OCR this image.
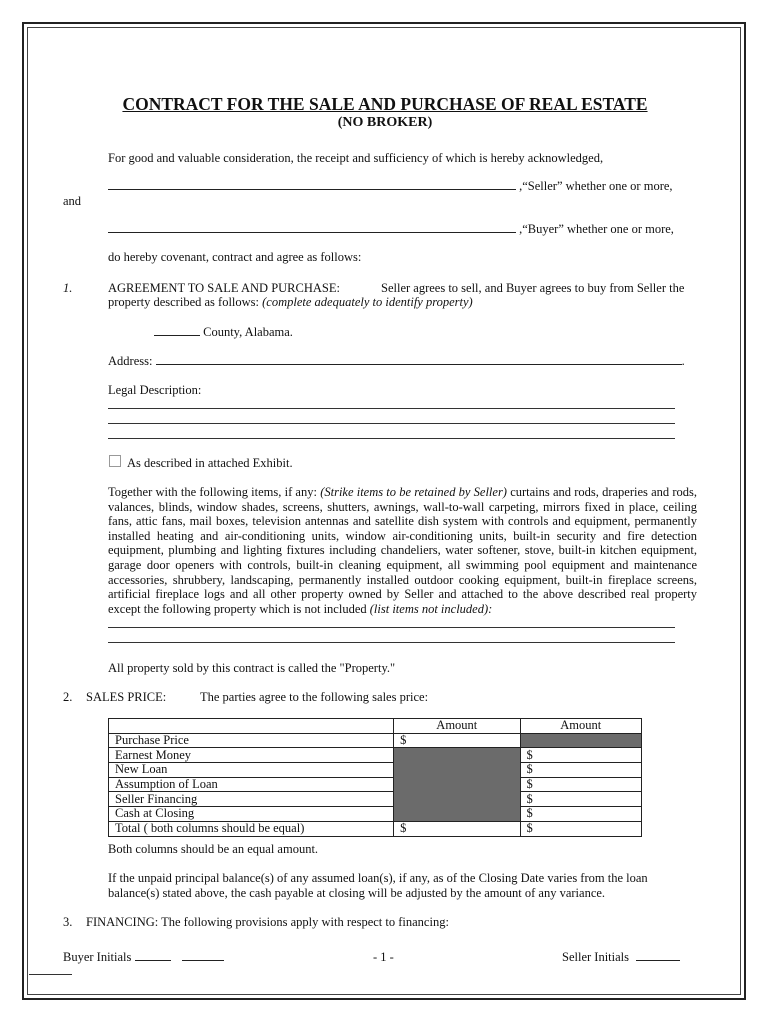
CONTRACT FOR THE SALE AND PURCHASE OF REAL ESTATE
(NO BROKER)
For good and valuable consideration, the receipt and sufficiency of which is hereby acknowledged,
,“Seller” whether one or more,
and
,“Buyer” whether one or more,
do hereby covenant, contract and agree as follows:
1.	AGREEMENT TO SALE AND PURCHASE:	Seller agrees to sell, and Buyer agrees to buy from Seller the
property described as follows: (complete adequately to identify property)
County, Alabama.
Address:	.
Legal Description:
As described in attached Exhibit.
Together with the following items, if any: (Strike items to be retained by Seller) curtains and rods, draperies and rods, valances, blinds, window shades, screens, shutters, awnings, wall-to-wall carpeting, mirrors fixed in place, ceiling fans, attic fans, mail boxes, television antennas and satellite dish system with controls and equipment, permanently installed heating and air-conditioning units, window air-conditioning units, built-in security and fire detection equipment, plumbing and lighting fixtures including chandeliers, water softener, stove, built-in kitchen equipment, garage door openers with controls, built-in cleaning equipment, all swimming pool equipment and maintenance accessories, shrubbery, landscaping, permanently installed outdoor cooking equipment, built-in fireplace screens, artificial fireplace logs and all other property owned by Seller and attached to the above described real property except the following property which is not included (list items not included):
All property sold by this contract is called the "Property."
2. SALES PRICE:	The parties agree to the following sales price:
	Amount	Amount
Purchase Price	$	
Earnest Money		$
New Loan		$
Assumption of Loan		$
Seller Financing		$
Cash at Closing		$
Total ( both columns should be equal)	$	$
Both columns should be an equal amount.
If the unpaid principal balance(s) of any assumed loan(s), if any, as of the Closing Date varies from the loan
balance(s) stated above, the cash payable at closing will be adjusted by the amount of any variance.
3. FINANCING: The following provisions apply with respect to financing:
Buyer Initials	- 1 -	Seller Initials
